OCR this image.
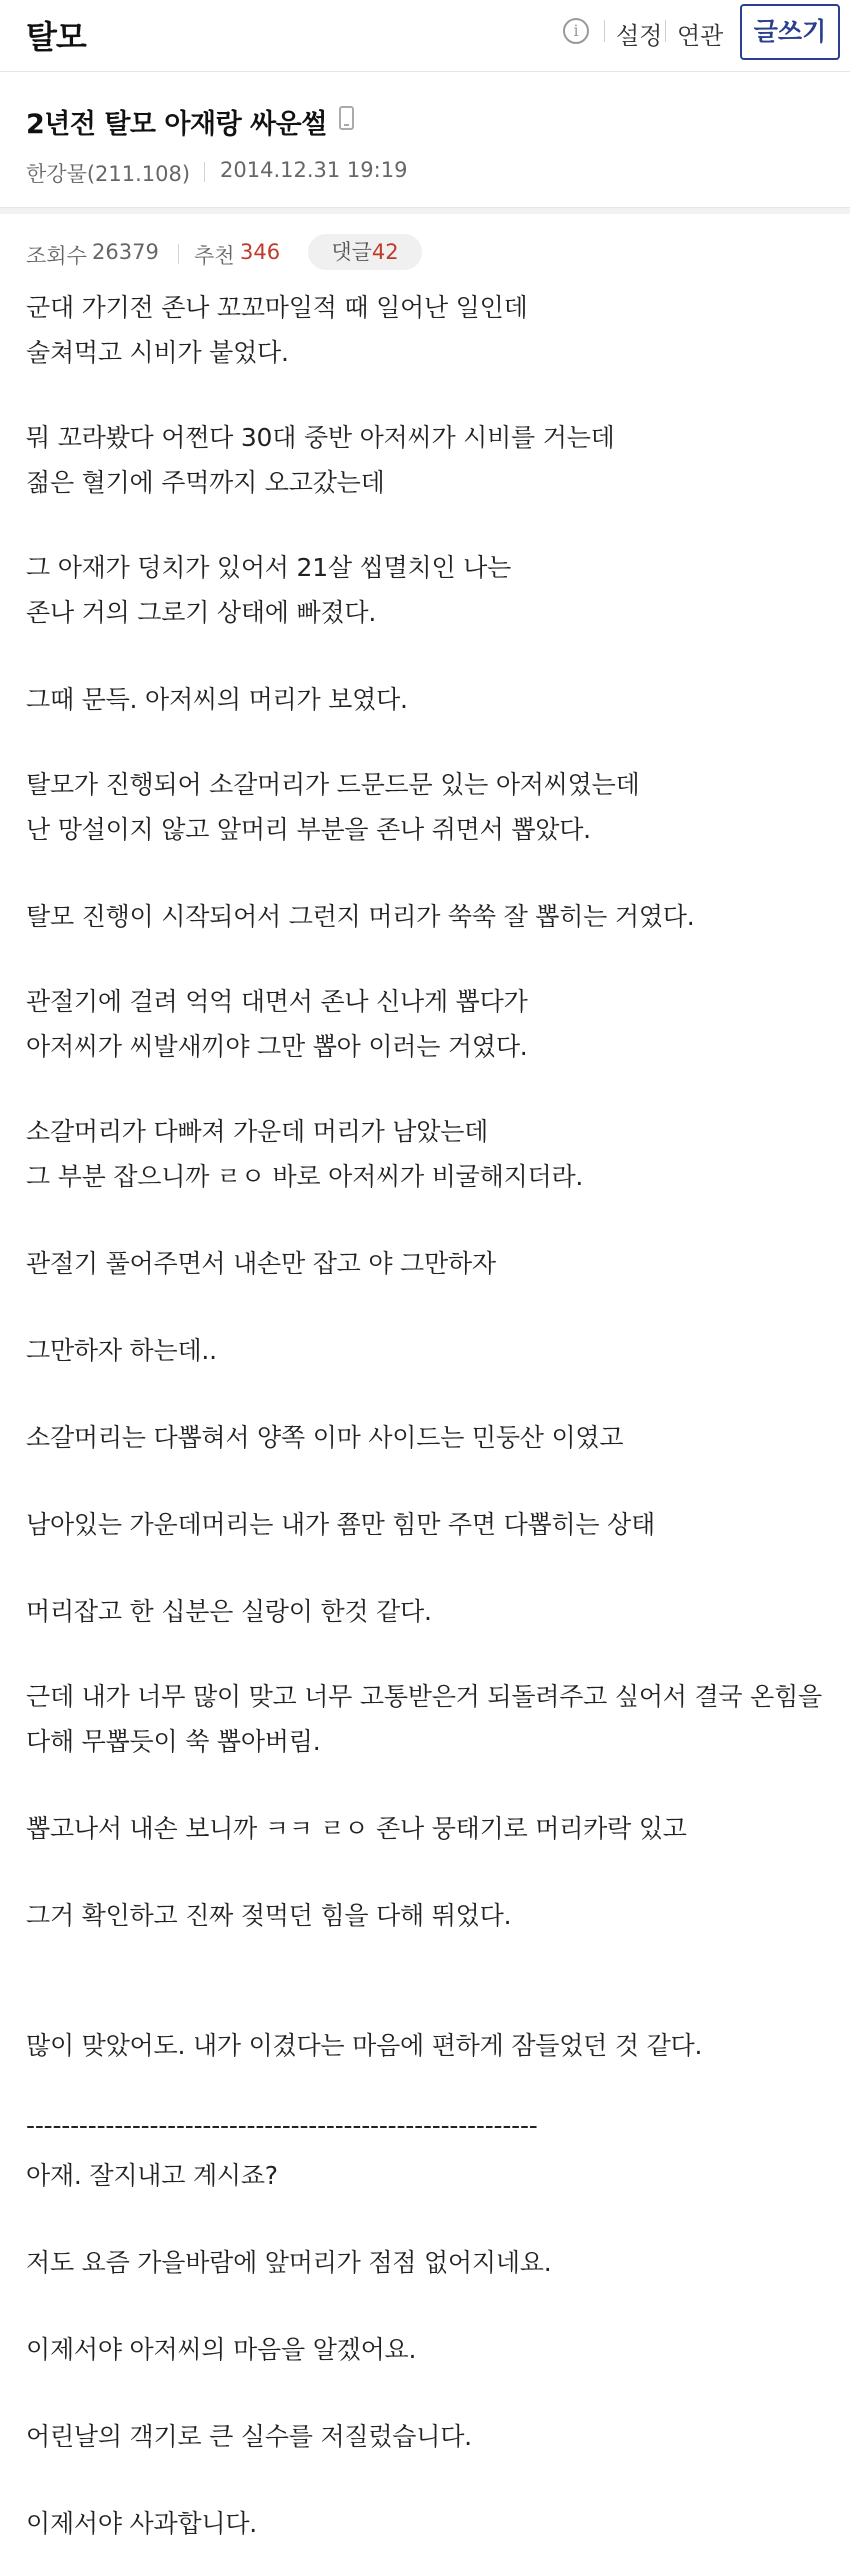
탈모	i	설정 연관	글쓰기
2년전 탈모 아재랑 싸운썰
한강물(211.108) 2014.12.31 19:19
조회수 26379 추천 346	댓글42
군대 가기전 존나 꼬꼬마일적 때 일어난 일인데
술쳐먹고 시비가 붙었다.
뭐 꼬라봤다 어쩐다 30대 중반 아저씨가 시비를 거는데
젊은 혈기에 주먹까지 오고갔는데
그 아재가 덩치가 있어서 21살 씹멸치인 나는
존나 거의 그로기 상태에 빠졌다.
그때 문득. 아저씨의 머리가 보였다.
탈모가 진행되어 소갈머리가 드문드문 있는 아저씨였는데
난 망설이지 않고 앞머리 부분을 존나 쥐면서 뽑았다.
탈모 진행이 시작되어서 그런지 머리가 쑥쑥 잘 뽑히는 거였다.
관절기에 걸려 억억 대면서 존나 신나게 뽑다가
아저씨가 씨발새끼야 그만 뽑아 이러는 거였다.
소갈머리가 다빠져 가운데 머리가 남았는데
그 부분 잡으니까 ㄹㅇ 바로 아저씨가 비굴해지더라.
관절기 풀어주면서 내손만 잡고 야 그만하자
그만하자 하는데..
소갈머리는 다뽑혀서 양쪽 이마 사이드는 민둥산 이였고
남아있는 가운데머리는 내가 쬼만 힘만 주면 다뽑히는 상태
머리잡고 한 십분은 실랑이 한것 같다.
근데 내가 너무 많이 맞고 너무 고통받은거 되돌려주고 싶어서 결국 온힘을
다해 무뽑듯이 쑥 뽑아버림.
뽑고나서 내손 보니까 ㅋㅋ ㄹㅇ 존나 뭉태기로 머리카락 있고
그거 확인하고 진짜 젖먹던 힘을 다해 뛰었다.
많이 맞았어도. 내가 이겼다는 마음에 편하게 잠들었던 것 같다.
----------------------------------------------------------
아재. 잘지내고 계시죠?
저도 요즘 가을바람에 앞머리가 점점 없어지네요.
이제서야 아저씨의 마음을 알겠어요.
어린날의 객기로 큰 실수를 저질렀습니다.
이제서야 사과합니다.
